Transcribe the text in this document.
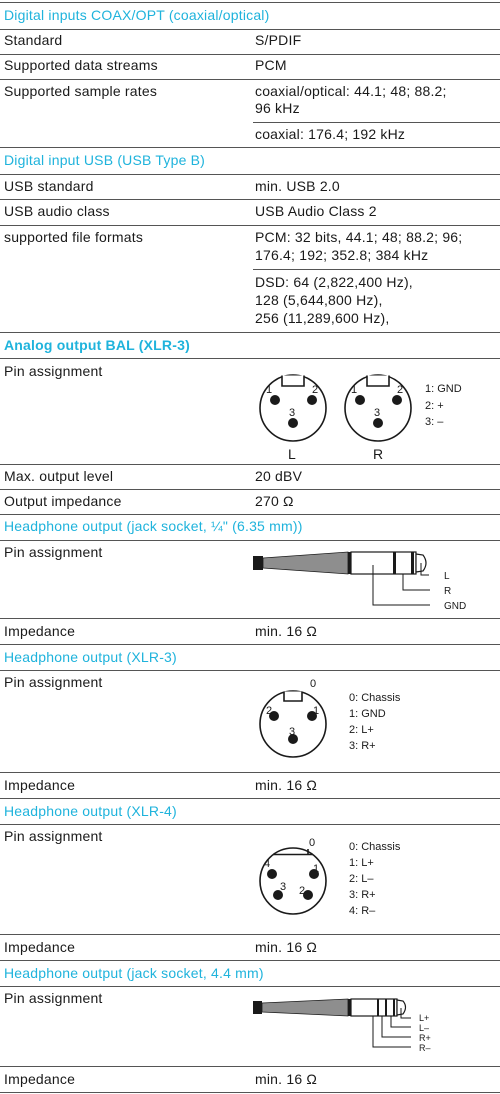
Digital inputs COAX/OPT (coaxial/optical)
Standard	S/PDIF
Supported data streams	PCM
Supported sample rates	coaxial/optical: 44.1; 48; 88.2;
96 kHz
coaxial: 176.4; 192 kHz
Digital input USB (USB Type B)
USB standard	min. USB 2.0
USB audio class	USB Audio Class 2
supported file formats	PCM: 32 bits, 44.1; 48; 88.2; 96;
176.4; 192; 352.8; 384 kHz
DSD: 64 (2,822,400 Hz),
128 (5,644,800 Hz),
256 (11,289,600 Hz),
Analog output BAL (XLR-3)
Pin assignment
1	2
3
L
1	2
3
R
1: GND
2: +
3: –
Max. output level	20 dBV
Output impedance	270 Ω
Headphone output (jack socket, ¼" (6.35 mm))
Pin assignment
L
R
GND
Impedance	min. 16 Ω
Headphone output (XLR-3)
Pin assignment	0
1
2
3
0: Chassis
1: GND
2: L+
3: R+
Impedance	min. 16 Ω
Headphone output (XLR-4)
Pin assignment	0
1
2
3
4
0: Chassis
1: L+
2: L–
3: R+
4: R–
Impedance	min. 16 Ω
Headphone output (jack socket, 4.4 mm)
Pin assignment
L+
L–
R+
R–
Impedance	min. 16 Ω
